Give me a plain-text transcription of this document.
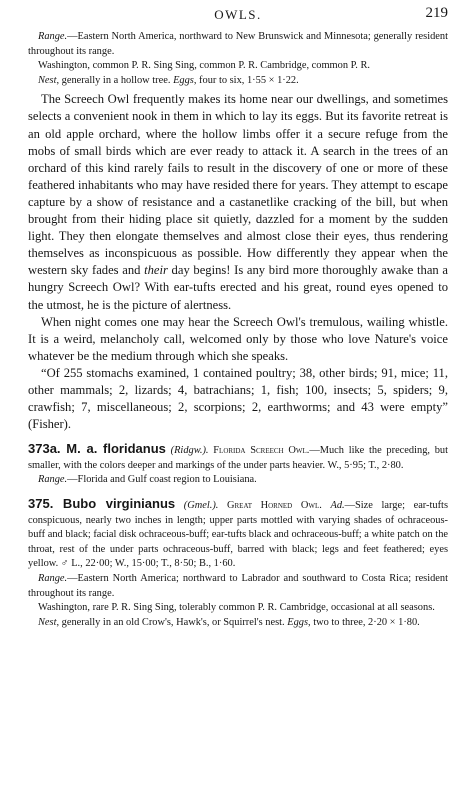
OWLS.	219

Range.—Eastern North America, northward to New Brunswick and Minnesota; generally resident throughout its range.

Washington, common P. R. Sing Sing, common P. R. Cambridge, common P. R.

Nest, generally in a hollow tree. Eggs, four to six, 1·55 × 1·22.

The Screech Owl frequently makes its home near our dwellings, and sometimes selects a convenient nook in them in which to lay its eggs. But its favorite retreat is an old apple orchard, where the hollow limbs offer it a secure refuge from the mobs of small birds which are ever ready to attack it. A search in the trees of an orchard of this kind rarely fails to result in the discovery of one or more of these feathered inhabitants who may have resided there for years. They attempt to escape capture by a show of resistance and a castanetlike cracking of the bill, but when brought from their hiding place sit quietly, dazzled for a moment by the sudden light. They then elongate themselves and almost close their eyes, thus rendering themselves as inconspicuous as possible. How differently they appear when the western sky fades and their day begins! Is any bird more thoroughly awake than a hungry Screech Owl? With ear-tufts erected and his great, round eyes opened to the utmost, he is the picture of alertness.

When night comes one may hear the Screech Owl's tremulous, wailing whistle. It is a weird, melancholy call, welcomed only by those who love Nature's voice whatever be the medium through which she speaks.

“Of 255 stomachs examined, 1 contained poultry; 38, other birds; 91, mice; 11, other mammals; 2, lizards; 4, batrachians; 1, fish; 100, insects; 5, spiders; 9, crawfish; 7, miscellaneous; 2, scorpions; 2, earthworms; and 43 were empty” (Fisher).

373a. M. a. floridanus (Ridgw.). Florida Screech Owl.—Much like the preceding, but smaller, with the colors deeper and markings of the under parts heavier. W., 5·95; T., 2·80.

Range.—Florida and Gulf coast region to Louisiana.

375. Bubo virginianus (Gmel.). Great Horned Owl. Ad.—Size large; ear-tufts conspicuous, nearly two inches in length; upper parts mottled with varying shades of ochraceous-buff and black; facial disk ochraceous-buff; ear-tufts black and ochraceous-buff; a white patch on the throat, rest of the under parts ochraceous-buff, barred with black; legs and feet feathered; eyes yellow. ♂ L., 22·00; W., 15·00; T., 8·50; B., 1·60.

Range.—Eastern North America; northward to Labrador and southward to Costa Rica; resident throughout its range.

Washington, rare P. R. Sing Sing, tolerably common P. R. Cambridge, occasional at all seasons.

Nest, generally in an old Crow's, Hawk's, or Squirrel's nest. Eggs, two to three, 2·20 × 1·80.
